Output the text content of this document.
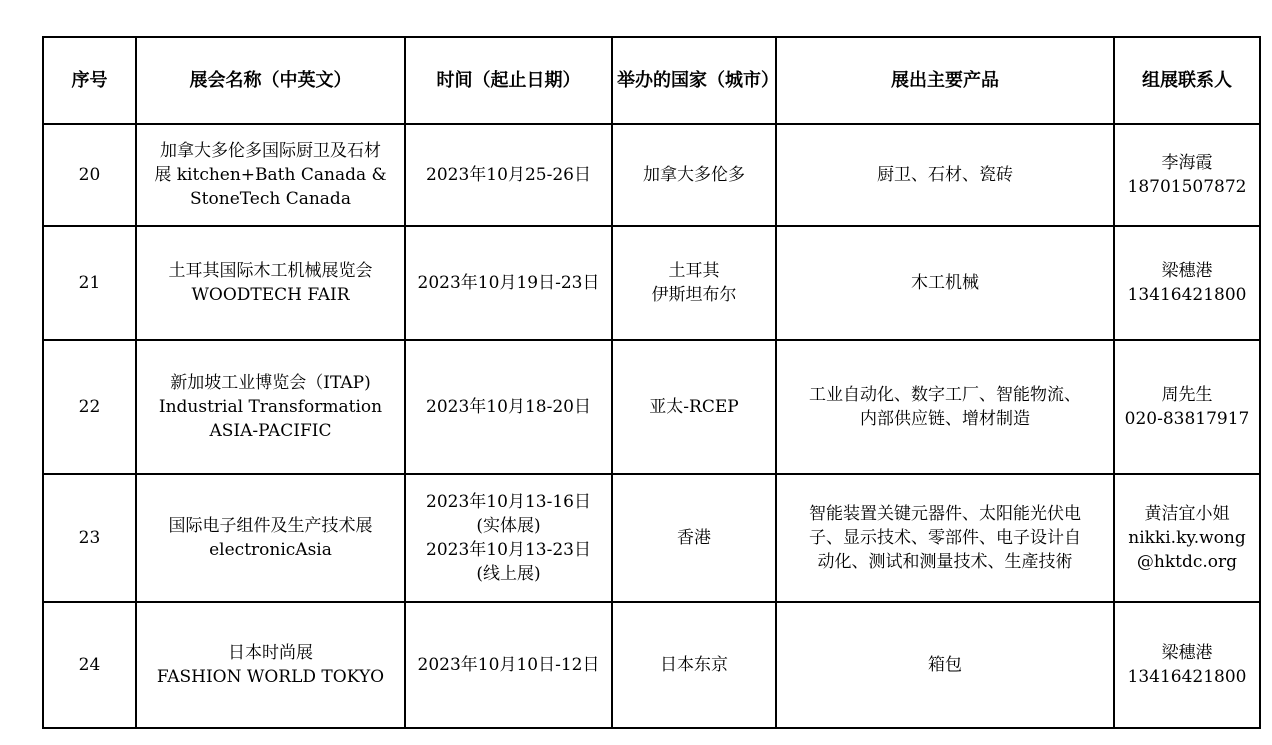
序号	展会名称（中英文）	时间（起止日期）	举办的国家（城市）	展出主要产品	组展联系人
20	加拿大多伦多国际厨卫及石材
展 kitchen+Bath Canada &
StoneTech Canada	2023年10月25-26日	加拿大多伦多	厨卫、石材、瓷砖	李海霞
18701507872

21	土耳其国际木工机械展览会
WOODTECH FAIR	2023年10月19日-23日	土耳其
伊斯坦布尔	木工机械	梁穗港
13416421800

22	新加坡工业博览会（ITAP)
Industrial Transformation
ASIA-PACIFIC	2023年10月18-20日	亚太-RCEP	工业自动化、数字工厂、智能物流、
内部供应链、增材制造	周先生
020-83817917

23	国际电子组件及生产技术展
electronicAsia	2023年10月13-16日
(实体展)
2023年10月13-23日
(线上展)	香港	智能装置关键元器件、太阳能光伏电
子、显示技术、零部件、电子设计自
动化、测试和测量技术、生產技術	黄洁宜小姐
nikki.ky.wong
@hktdc.org

24	日本时尚展
FASHION WORLD TOKYO	2023年10月10日-12日	日本东京	箱包	梁穗港
13416421800
